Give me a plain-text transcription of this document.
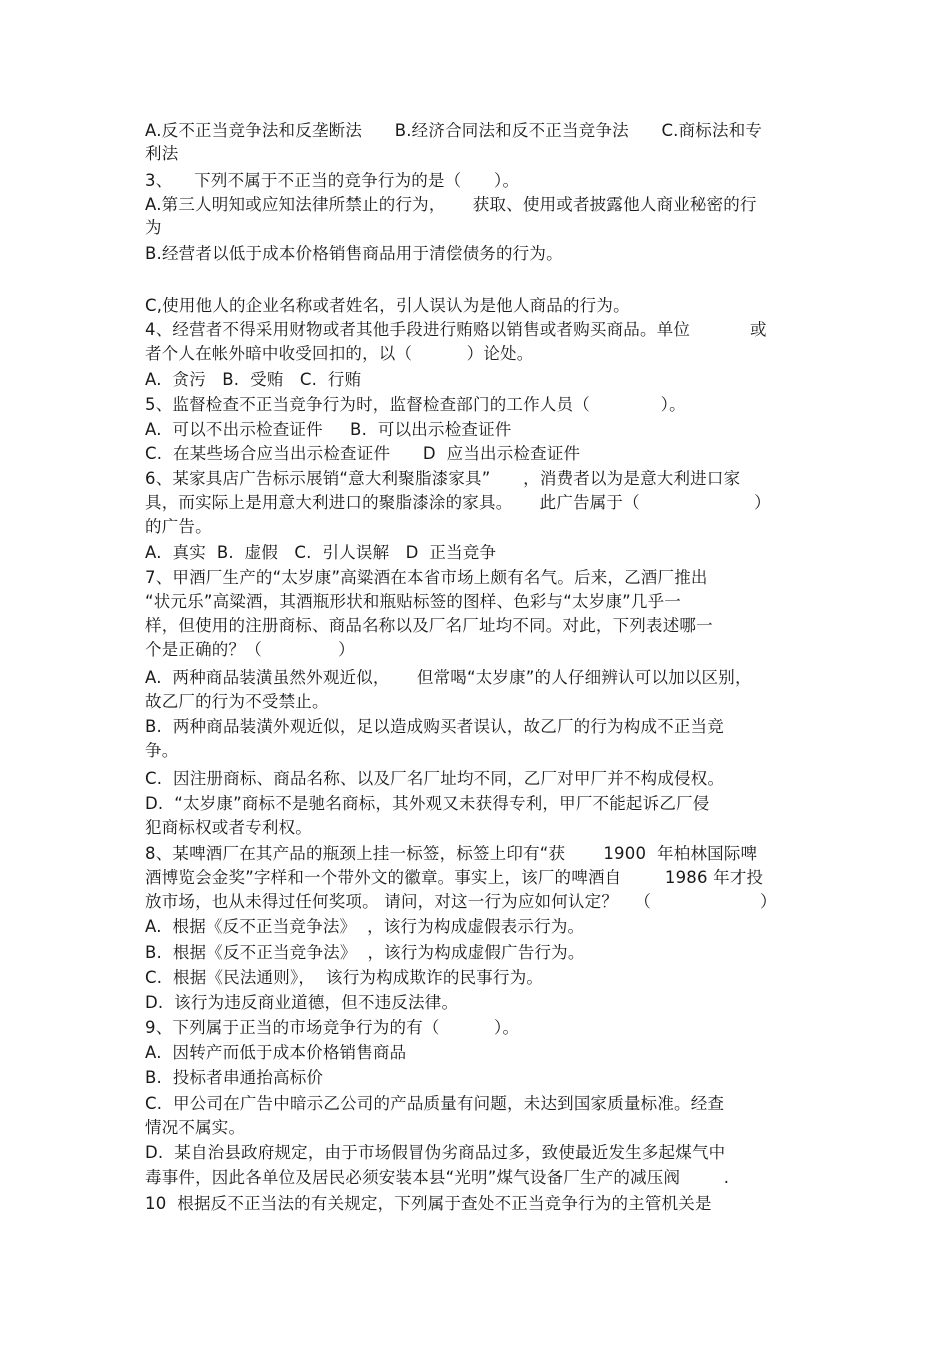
A.反不正当竞争法和反垄断法      B.经济合同法和反不正当竞争法      C.商标法和专
利法
3、    下列不属于不正当的竞争行为的是（      ）。
A.第三人明知或应知法律所禁止的行为，     获取、使用或者披露他人商业秘密的行
为
B.经营者以低于成本价格销售商品用于清偿债务的行为。
C,使用他人的企业名称或者姓名，引人误认为是他人商品的行为。
4、经营者不得采用财物或者其他手段进行贿赂以销售或者购买商品。单位           或
者个人在帐外暗中收受回扣的，以（          ）论处。
A.  贪污   B.  受贿   C.  行贿
5、监督检查不正当竞争行为时，监督检查部门的工作人员（             ）。
A.  可以不出示检查证件     B.  可以出示检查证件
C.  在某些场合应当出示检查证件      D  应当出示检查证件
6、某家具店广告标示展销“意大利聚脂漆家具”      ，消费者以为是意大利进口家
具，而实际上是用意大利进口的聚脂漆涂的家具。     此广告属于（                     ）
的广告。
A.  真实  B.  虚假   C.  引人误解   D  正当竞争
7、甲酒厂生产的“太岁康”高粱酒在本省市场上颇有名气。后来，乙酒厂推出
“状元乐”高粱酒，其酒瓶形状和瓶贴标签的图样、色彩与“太岁康”几乎一
样，但使用的注册商标、商品名称以及厂名厂址均不同。对此，下列表述哪一
个是正确的？（              ）
A.  两种商品装潢虽然外观近似，     但常喝“太岁康”的人仔细辨认可以加以区别，
故乙厂的行为不受禁止。
B.  两种商品装潢外观近似，足以造成购买者误认，故乙厂的行为构成不正当竞
争。
C.  因注册商标、商品名称、以及厂名厂址均不同，乙厂对甲厂并不构成侵权。
D.  “太岁康”商标不是驰名商标，其外观又未获得专利，甲厂不能起诉乙厂侵
犯商标权或者专利权。
8、某啤酒厂在其产品的瓶颈上挂一标签，标签上印有“获       1900  年柏林国际啤
酒博览会金奖”字样和一个带外文的徽章。事实上，该厂的啤酒自        1986 年才投
放市场，也从未得过任何奖项。 请问，对这一行为应如何认定？   （                    ）
A.  根据《反不正当竞争法》  ，该行为构成虚假表示行为。
B.  根据《反不正当竞争法》  ，该行为构成虚假广告行为。
C.  根据《民法通则》，  该行为构成欺诈的民事行为。
D.  该行为违反商业道德，但不违反法律。
9、下列属于正当的市场竞争行为的有（          ）。
A.  因转产而低于成本价格销售商品
B.  投标者串通抬高标价
C.  甲公司在广告中暗示乙公司的产品质量有问题，未达到国家质量标准。经查
情况不属实。
D.  某自治县政府规定，由于市场假冒伪劣商品过多，致使最近发生多起煤气中
毒事件，因此各单位及居民必须安装本县“光明”煤气设备厂生产的减压阀        .
10  根据反不正当法的有关规定，下列属于查处不正当竞争行为的主管机关是
